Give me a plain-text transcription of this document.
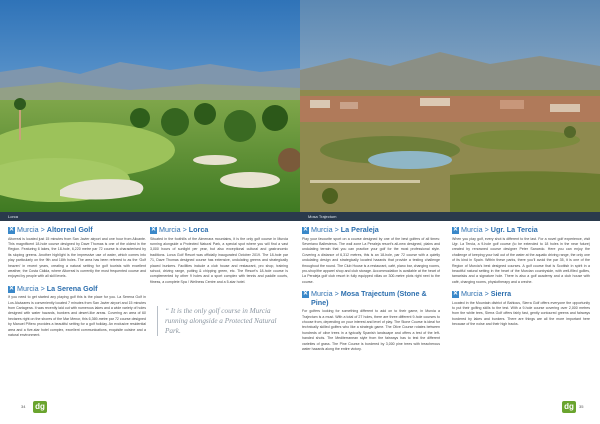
Lorca	Mosa Trajectum
✕ Murcia > Altorreal Golf

Altorreal is located just 15 minutes from San Javier airport and one hour from Alicante. This magnificent 18-hole course designed by Dave Thomas is one of the oldest in the Region. Featuring 6 lakes, the 18-hole, 6,220 metre par 72 course is characterised by its sloping greens. Another highlight is the impressive use of water, which comes into play particularly on the 9th and 18th holes. The area has been referred to as the ‘Golf heaven’ in recent years, creating a natural setting for golf tourists with excellent weather, the Costa Cálida, where Altorreal is currently the most frequented course and enjoyed by people with all skill levels.

✕ Murcia > La Serena Golf

If you need to get started any playing golf this is the place for you. La Serena Golf in Los Alcázares is conveniently located 7 minutes from San Javier airport and 15 minutes from Cartagena. It was recently laid out with numerous lakes and a wide variety of holes designed with water hazards, bunkers and desert-like areas. Covering an area of 60 hectares right on the shores of the Mar Menor, this 6,369-metre par 72 course designed by Manuel Piñero provides a beautiful setting for a golf holiday. An exclusive residential area and a five-star hotel complex, excellent communications, exquisite cuisine and a natural environment.

✕ Murcia > Lorca

Situated in the foothills of the Almenara mountains, it is the only golf course in Murcia running alongside a Protected Natural Park, a special spot where you will find a vast 3,000 hours of sunlight per year, but also exceptional cultural and gastronomic traditions. Lorca Golf Resort was officially inaugurated October 2019. The 18-hole par 71, Dave Thomas designed course has extensive, undulating greens and strategically placed bunkers. Facilities include a club house and restaurant, pro shop, training school, driving range, putting & chipping green, etc. The Resort’s 18-hole course is complemented by other 9 holes and a sport complex with tennis and paddle courts, fitness, a complete Spa / Wellness Centre and a 5-star hotel.

“ It is the only golf course in Murcia running alongside a Protected Natural Park.
✕ Murcia > La Peraleja

Play your favourite sport on a course designed by one of the best golfers of all times: Severiano Ballesteros. The wall zone La Peraleja resort’s all-new designed, plains and undulating terrain that you can practice your golf for the most professional style. Covering a distance of 6,312 metres, this is an 18-hole, par 72 course with a quietly undulating design and strategically located hazards that provide a testing challenge throughout the round. The Club House is a restaurant, café, piano bar, changing rooms, pro-shop/the apparel shop and club storage. Accommodation is available at the heart of La Peraleja golf club resort in fully equipped villas on 300-metre plots right next to the course.

✕ Murcia > Mosa Trajectum (Stone & Pine)

For golfers looking for something different to add on to their game, in Murcia a Trajectum is a must. With a total of 27 holes, there are three different 9-hole courses to choose from, depending on your interest and level of play. The Stone Course is ideal for technically skilled golfers who like a strategic game. The Olive Course rotates between hundreds of olive trees in a typically Spanish landscape and offers a test of the left-handed shots. The Mediterranean style from the fairways has to test the different varieties of grass. The Pine Course is bordered by 3,000 pine trees with treacherous water hazards along the entire victory.

✕ Murcia > Ugr. La Tercia

When you play golf, every shot is different to the last. For a novel golf experience, visit Ugr. La Tercia, a 9-hole golf course (to be extended to 18 holes in the near future) created by renowned course designer Peter Sancedo. Here you can enjoy the challenge of keeping your ball out of the water at the aquatic driving range, the only one of its kind in Spain. Within these parks, there you’ll avoid the par 35, it is one of the Region of Murcia’s best designed courses. A golf course that is Scottish in spirit in a beautiful natural setting in the heart of the Murcian countryside, with well-filled gullies, tamarisks and a signature hole. There is also a golf academy and a club house with café, changing rooms, physiotherapy and a creche.

✕ Murcia > Sierra

Located in the Mountain district of Bahious, Sierra Golf offers everyone the opportunity to put their golfing skills to the test. With a 9-hole course covering over 2,000 metres from the white tees, Sierra Golf offers fairly fast, gently contoured greens and fairways bordered by lakes and bunkers. There are things are all the more important here because of the noise and their high tracks.

34 dg	dg	35
